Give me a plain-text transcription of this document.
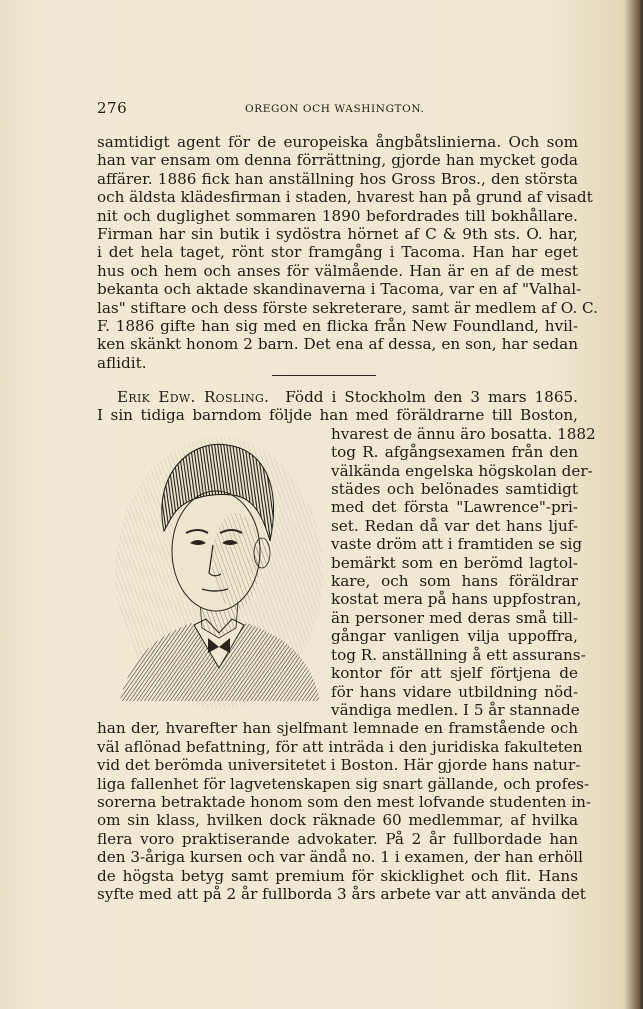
276	OREGON OCH WASHINGTON.
samtidigt agent för de europeiska ångbåtslinierna. Och som
han var ensam om denna förrättning, gjorde han mycket goda
affärer. 1886 fick han anställning hos Gross Bros., den största
och äldsta klädesfirman i staden, hvarest han på grund af visadt
nit och duglighet sommaren 1890 befordrades till bokhållare.
Firman har sin butik i sydöstra hörnet af C & 9th sts. O. har,
i det hela taget, rönt stor framgång i Tacoma. Han har eget
hus och hem och anses för välmående. Han är en af de mest
bekanta och aktade skandinaverna i Tacoma, var en af "Valhal-
las" stiftare och dess förste sekreterare, samt är medlem af O. C.
F. 1886 gifte han sig med en flicka från New Foundland, hvil-
ken skänkt honom 2 barn. Det ena af dessa, en son, har sedan
aflidit.
Erik Edw. Rosling. Född i Stockholm den 3 mars 1865.
I sin tidiga barndom följde han med föräldrarne till Boston,
hvarest de ännu äro bosatta. 1882
tog R. afgångsexamen från den
välkända engelska högskolan der-
städes och belönades samtidigt
med det första "Lawrence"-pri-
set. Redan då var det hans ljuf-
vaste dröm att i framtiden se sig
bemärkt som en berömd lagtol-
kare, och som hans föräldrar
kostat mera på hans uppfostran,
än personer med deras små till-
gångar vanligen vilja uppoffra,
tog R. anställning å ett assurans-
kontor för att sjelf förtjena de
för hans vidare utbildning nöd-
vändiga medlen. I 5 år stannade
han der, hvarefter han sjelfmant lemnade en framstående och
väl aflönad befattning, för att inträda i den juridiska fakulteten
vid det berömda universitetet i Boston. Här gjorde hans natur-
liga fallenhet för lagvetenskapen sig snart gällande, och profes-
sorerna betraktade honom som den mest lofvande studenten in-
om sin klass, hvilken dock räknade 60 medlemmar, af hvilka
flera voro praktiserande advokater. På 2 år fullbordade han
den 3-åriga kursen och var ändå no. 1 i examen, der han erhöll
de högsta betyg samt premium för skicklighet och flit. Hans
syfte med att på 2 år fullborda 3 års arbete var att använda det
